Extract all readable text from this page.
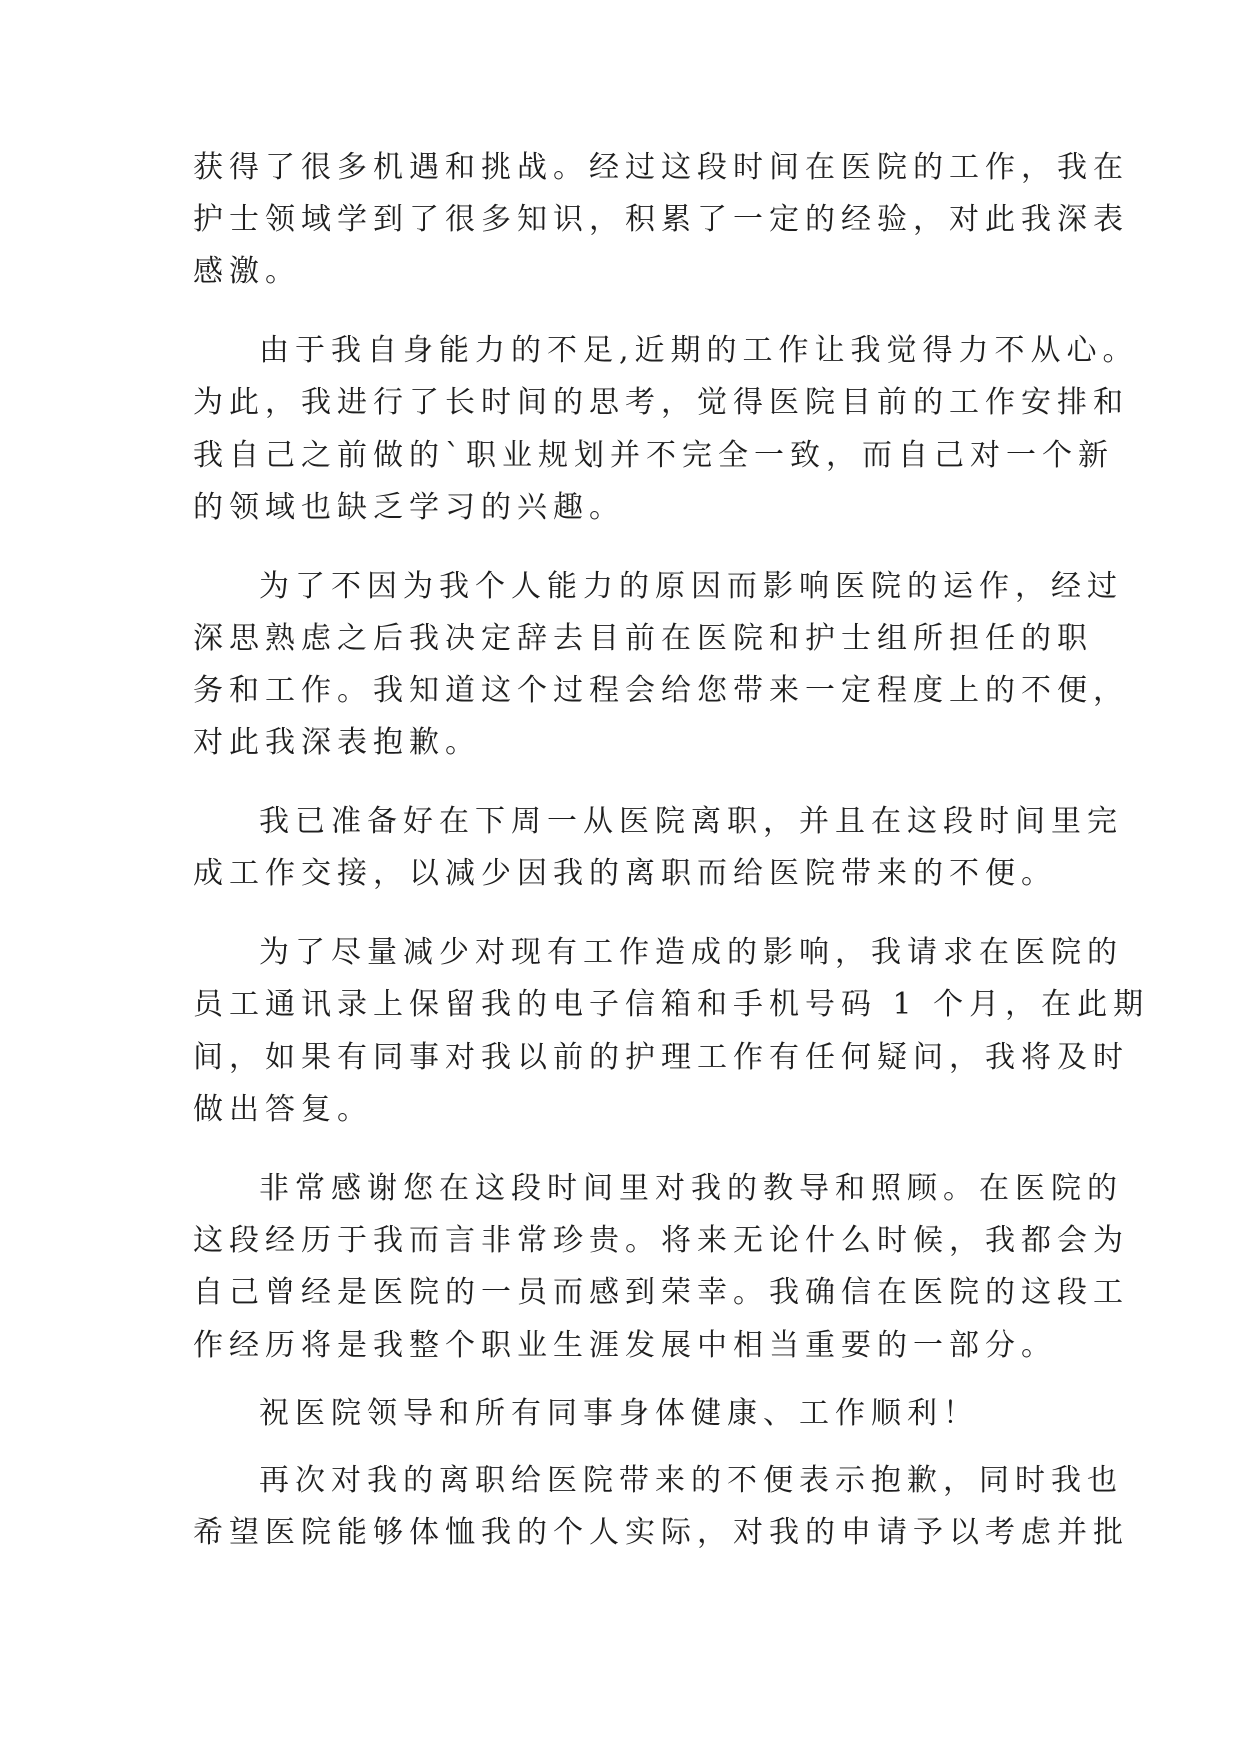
获得了很多机遇和挑战。经过这段时间在医院的工作，我在
护士领域学到了很多知识，积累了一定的经验，对此我深表
感激。
由于我自身能力的不足,近期的工作让我觉得力不从心。
为此，我进行了长时间的思考，觉得医院目前的工作安排和
我自己之前做的`职业规划并不完全一致，而自己对一个新
的领域也缺乏学习的兴趣。
为了不因为我个人能力的原因而影响医院的运作，经过
深思熟虑之后我决定辞去目前在医院和护士组所担任的职
务和工作。我知道这个过程会给您带来一定程度上的不便，
对此我深表抱歉。
我已准备好在下周一从医院离职，并且在这段时间里完
成工作交接，以减少因我的离职而给医院带来的不便。
为了尽量减少对现有工作造成的影响，我请求在医院的
员工通讯录上保留我的电子信箱和手机号码 1 个月，在此期
间，如果有同事对我以前的护理工作有任何疑问，我将及时
做出答复。
非常感谢您在这段时间里对我的教导和照顾。在医院的
这段经历于我而言非常珍贵。将来无论什么时候，我都会为
自己曾经是医院的一员而感到荣幸。我确信在医院的这段工
作经历将是我整个职业生涯发展中相当重要的一部分。
祝医院领导和所有同事身体健康、工作顺利！
再次对我的离职给医院带来的不便表示抱歉，同时我也
希望医院能够体恤我的个人实际，对我的申请予以考虑并批
